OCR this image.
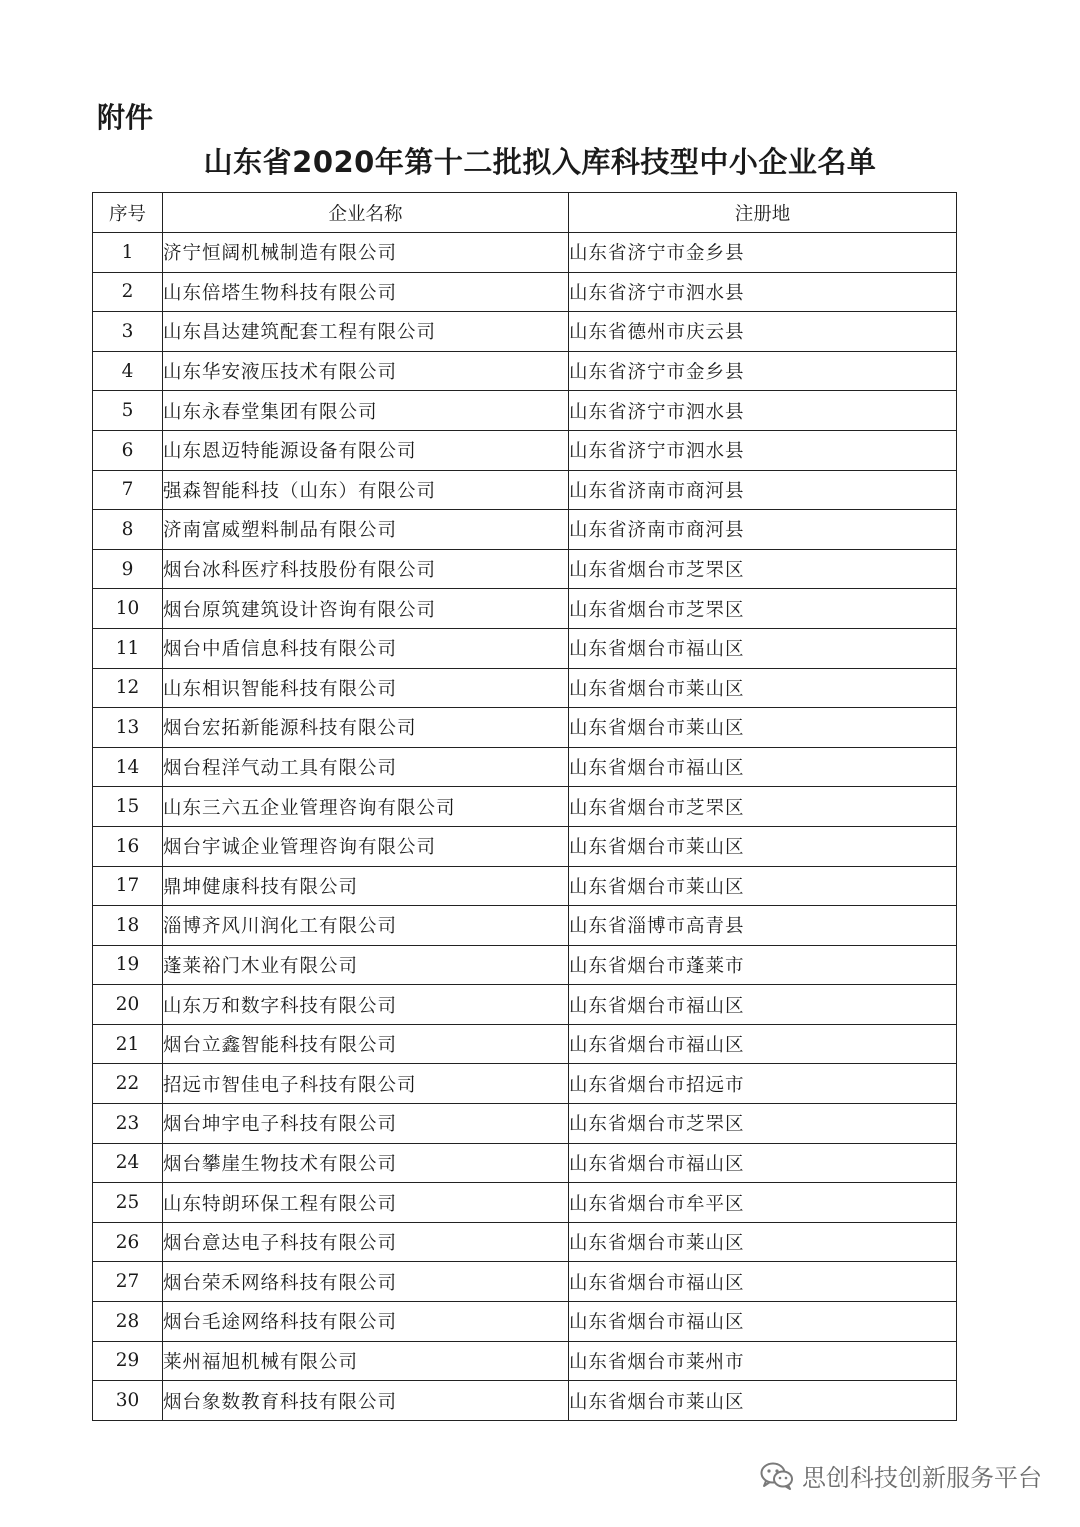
附件
山东省2020年第十二批拟入库科技型中小企业名单
序号	企业名称	注册地
1	济宁恒阔机械制造有限公司	山东省济宁市金乡县
2	山东倍塔生物科技有限公司	山东省济宁市泗水县
3	山东昌达建筑配套工程有限公司	山东省德州市庆云县
4	山东华安液压技术有限公司	山东省济宁市金乡县
5	山东永春堂集团有限公司	山东省济宁市泗水县
6	山东恩迈特能源设备有限公司	山东省济宁市泗水县
7	强森智能科技（山东）有限公司	山东省济南市商河县
8	济南富威塑料制品有限公司	山东省济南市商河县
9	烟台冰科医疗科技股份有限公司	山东省烟台市芝罘区
10	烟台原筑建筑设计咨询有限公司	山东省烟台市芝罘区
11	烟台中盾信息科技有限公司	山东省烟台市福山区
12	山东相识智能科技有限公司	山东省烟台市莱山区
13	烟台宏拓新能源科技有限公司	山东省烟台市莱山区
14	烟台程洋气动工具有限公司	山东省烟台市福山区
15	山东三六五企业管理咨询有限公司	山东省烟台市芝罘区
16	烟台宇诚企业管理咨询有限公司	山东省烟台市莱山区
17	鼎坤健康科技有限公司	山东省烟台市莱山区
18	淄博齐风川润化工有限公司	山东省淄博市高青县
19	蓬莱裕门木业有限公司	山东省烟台市蓬莱市
20	山东万和数字科技有限公司	山东省烟台市福山区
21	烟台立鑫智能科技有限公司	山东省烟台市福山区
22	招远市智佳电子科技有限公司	山东省烟台市招远市
23	烟台坤宇电子科技有限公司	山东省烟台市芝罘区
24	烟台攀崖生物技术有限公司	山东省烟台市福山区
25	山东特朗环保工程有限公司	山东省烟台市牟平区
26	烟台意达电子科技有限公司	山东省烟台市莱山区
27	烟台荣禾网络科技有限公司	山东省烟台市福山区
28	烟台毛途网络科技有限公司	山东省烟台市福山区
29	莱州福旭机械有限公司	山东省烟台市莱州市
30	烟台象数教育科技有限公司	山东省烟台市莱山区
思创科技创新服务平台
